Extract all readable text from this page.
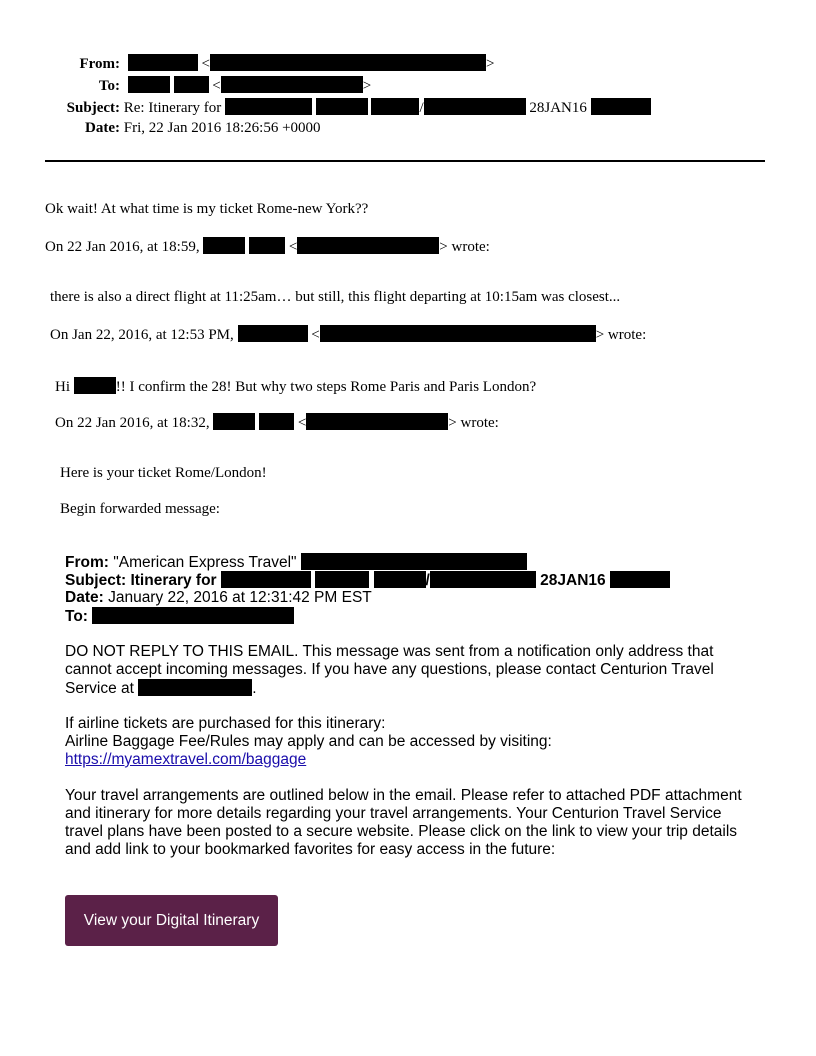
From:	<	>
To:	<	>
Subject: Re: Itinerary for	/	28JAN16
Date: Fri, 22 Jan 2016 18:26:56 +0000
Ok wait! At what time is my ticket Rome-new York??
On 22 Jan 2016, at 18:59,	<	> wrote:
there is also a direct flight at 11:25am… but still, this flight departing at 10:15am was closest...
On Jan 22, 2016, at 12:53 PM,	<	> wrote:
Hi	!! I confirm the 28! But why two steps Rome Paris and Paris London?
On 22 Jan 2016, at 18:32,	<	> wrote:
Here is your ticket Rome/London!
Begin forwarded message:
From: "American Express Travel"
Subject: Itinerary for	/	28JAN16
Date: January 22, 2016 at 12:31:42 PM EST
To:
DO NOT REPLY TO THIS EMAIL. This message was sent from a notification only address that cannot accept incoming messages. If you have any questions, please contact Centurion Travel Service at	.
If airline tickets are purchased for this itinerary:
Airline Baggage Fee/Rules may apply and can be accessed by visiting:
https://myamextravel.com/baggage
Your travel arrangements are outlined below in the email. Please refer to attached PDF attachment and itinerary for more details regarding your travel arrangements. Your Centurion Travel Service travel plans have been posted to a secure website. Please click on the link to view your trip details and add link to your bookmarked favorites for easy access in the future:
View your Digital Itinerary
